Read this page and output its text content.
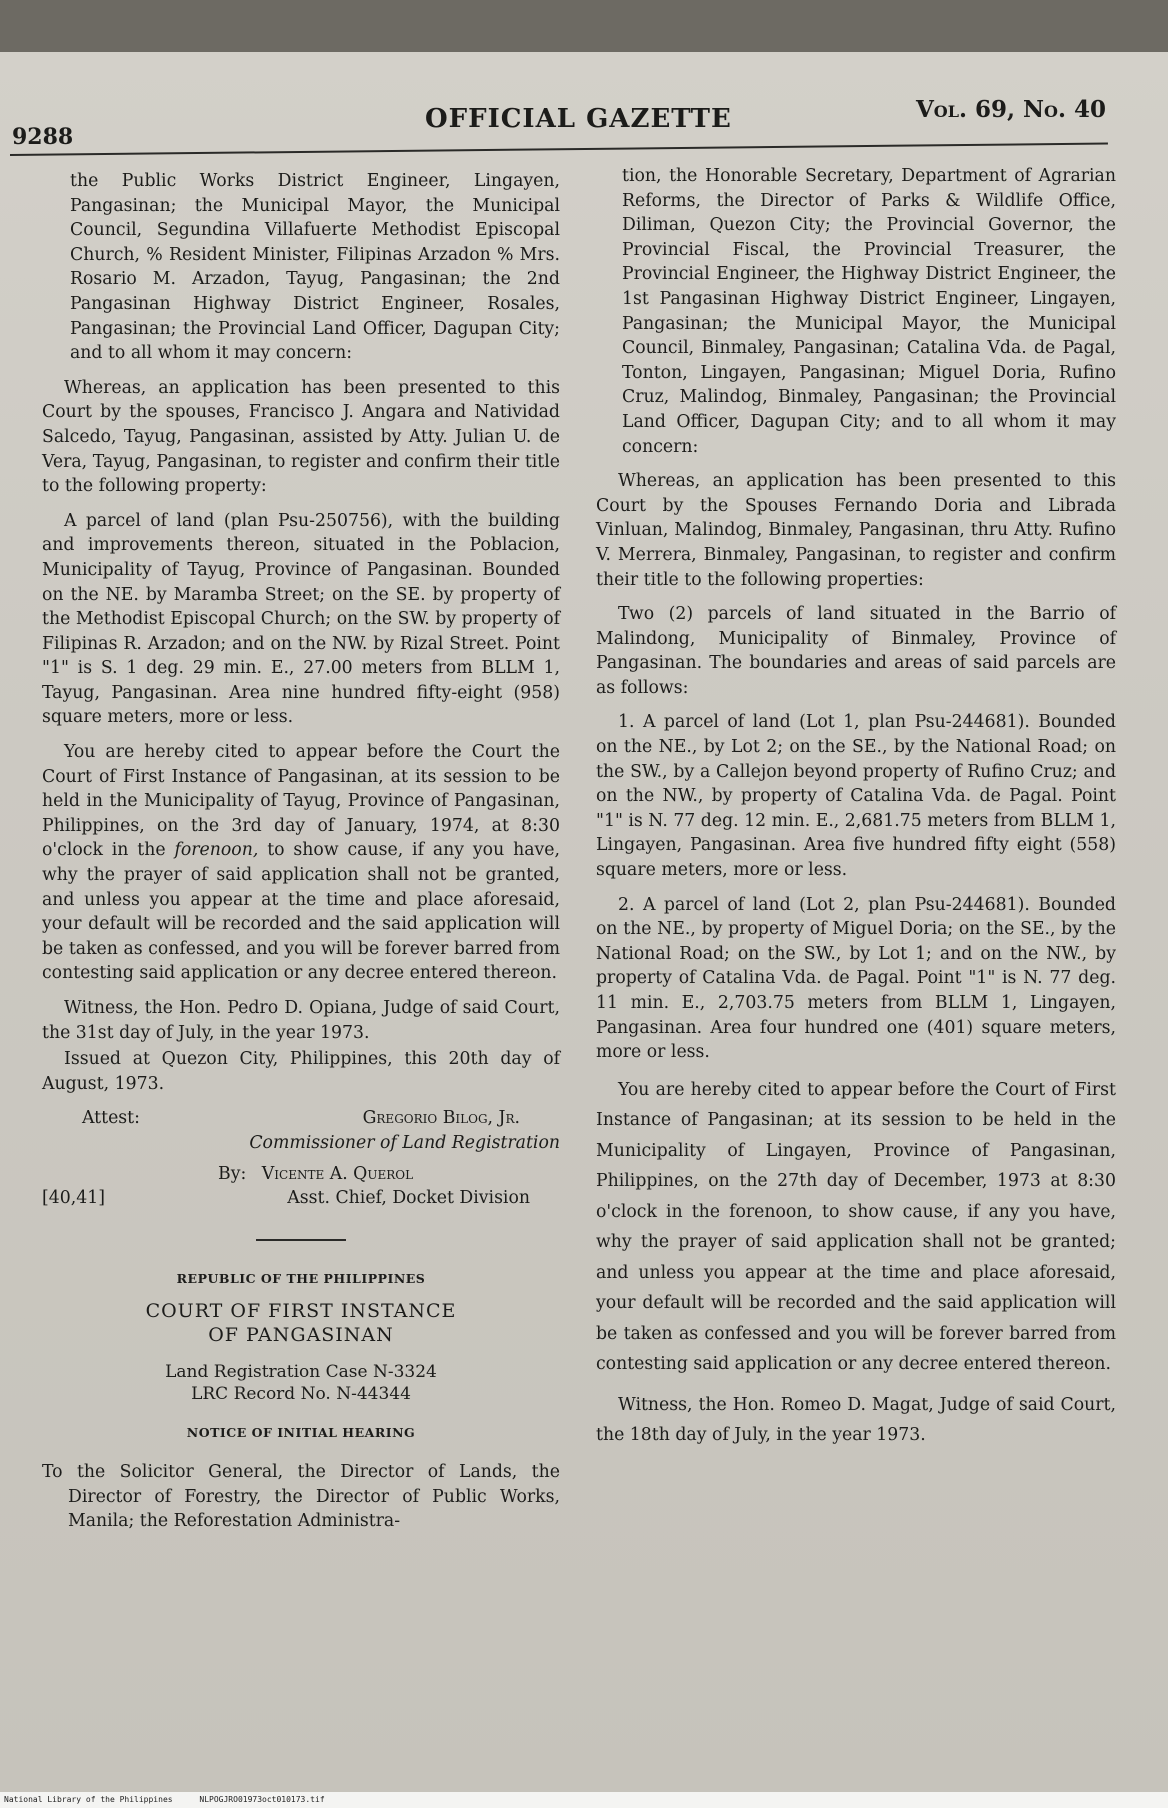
9288
OFFICIAL GAZETTE	Vol. 69, No. 40

the Public Works District Engineer, Lingayen, Pangasinan; the Municipal Mayor, the Municipal Council, Segundina Villafuerte Methodist Episcopal Church, % Resident Minister, Filipinas Arzadon % Mrs. Rosario M. Arzadon, Tayug, Pangasinan; the 2nd Pangasinan Highway District Engineer, Rosales, Pangasinan; the Provincial Land Officer, Dagupan City; and to all whom it may concern:

Whereas, an application has been presented to this Court by the spouses, Francisco J. Angara and Natividad Salcedo, Tayug, Pangasinan, assisted by Atty. Julian U. de Vera, Tayug, Pangasinan, to register and confirm their title to the following property:

A parcel of land (plan Psu-250756), with the building and improvements thereon, situated in the Poblacion, Municipality of Tayug, Province of Pangasinan. Bounded on the NE. by Maramba Street; on the SE. by property of the Methodist Episcopal Church; on the SW. by property of Filipinas R. Arzadon; and on the NW. by Rizal Street. Point "1" is S. 1 deg. 29 min. E., 27.00 meters from BLLM 1, Tayug, Pangasinan. Area nine hundred fifty-eight (958) square meters, more or less.

You are hereby cited to appear before the Court the Court of First Instance of Pangasinan, at its session to be held in the Municipality of Tayug, Province of Pangasinan, Philippines, on the 3rd day of January, 1974, at 8:30 o'clock in the forenoon, to show cause, if any you have, why the prayer of said application shall not be granted, and unless you appear at the time and place aforesaid, your default will be recorded and the said application will be taken as confessed, and you will be forever barred from contesting said application or any decree entered thereon.

Witness, the Hon. Pedro D. Opiana, Judge of said Court, the 31st day of July, in the year 1973.

Issued at Quezon City, Philippines, this 20th day of August, 1973.

Attest:	Gregorio Bilog, Jr.
Commissioner of Land Registration
By: Vicente A. Querol
[40,41]	Asst. Chief, Docket Division
REPUBLIC OF THE PHILIPPINES
COURT OF FIRST INSTANCE
OF PANGASINAN
Land Registration Case N-3324
LRC Record No. N-44344
NOTICE OF INITIAL HEARING

To the Solicitor General, the Director of Lands, the Director of Forestry, the Director of Public Works, Manila; the Reforestation Administra-

tion, the Honorable Secretary, Department of Agrarian Reforms, the Director of Parks & Wildlife Office, Diliman, Quezon City; the Provincial Governor, the Provincial Fiscal, the Provincial Treasurer, the Provincial Engineer, the Highway District Engineer, the 1st Pangasinan Highway District Engineer, Lingayen, Pangasinan; the Municipal Mayor, the Municipal Council, Binmaley, Pangasinan; Catalina Vda. de Pagal, Tonton, Lingayen, Pangasinan; Miguel Doria, Rufino Cruz, Malindog, Binmaley, Pangasinan; the Provincial Land Officer, Dagupan City; and to all whom it may concern:

Whereas, an application has been presented to this Court by the Spouses Fernando Doria and Librada Vinluan, Malindog, Binmaley, Pangasinan, thru Atty. Rufino V. Merrera, Binmaley, Pangasinan, to register and confirm their title to the following properties:

Two (2) parcels of land situated in the Barrio of Malindong, Municipality of Binmaley, Province of Pangasinan. The boundaries and areas of said parcels are as follows:

1. A parcel of land (Lot 1, plan Psu-244681). Bounded on the NE., by Lot 2; on the SE., by the National Road; on the SW., by a Callejon beyond property of Rufino Cruz; and on the NW., by property of Catalina Vda. de Pagal. Point "1" is N. 77 deg. 12 min. E., 2,681.75 meters from BLLM 1, Lingayen, Pangasinan. Area five hundred fifty eight (558) square meters, more or less.

2. A parcel of land (Lot 2, plan Psu-244681). Bounded on the NE., by property of Miguel Doria; on the SE., by the National Road; on the SW., by Lot 1; and on the NW., by property of Catalina Vda. de Pagal. Point "1" is N. 77 deg. 11 min. E., 2,703.75 meters from BLLM 1, Lingayen, Pangasinan. Area four hundred one (401) square meters, more or less.

You are hereby cited to appear before the Court of First Instance of Pangasinan; at its session to be held in the Municipality of Lingayen, Province of Pangasinan, Philippines, on the 27th day of December, 1973 at 8:30 o'clock in the forenoon, to show cause, if any you have, why the prayer of said application shall not be granted; and unless you appear at the time and place aforesaid, your default will be recorded and the said application will be taken as confessed and you will be forever barred from contesting said application or any decree entered thereon.

Witness, the Hon. Romeo D. Magat, Judge of said Court, the 18th day of July, in the year 1973.

National Library of the Philippines	NLPOGJRO01973oct010173.tif
